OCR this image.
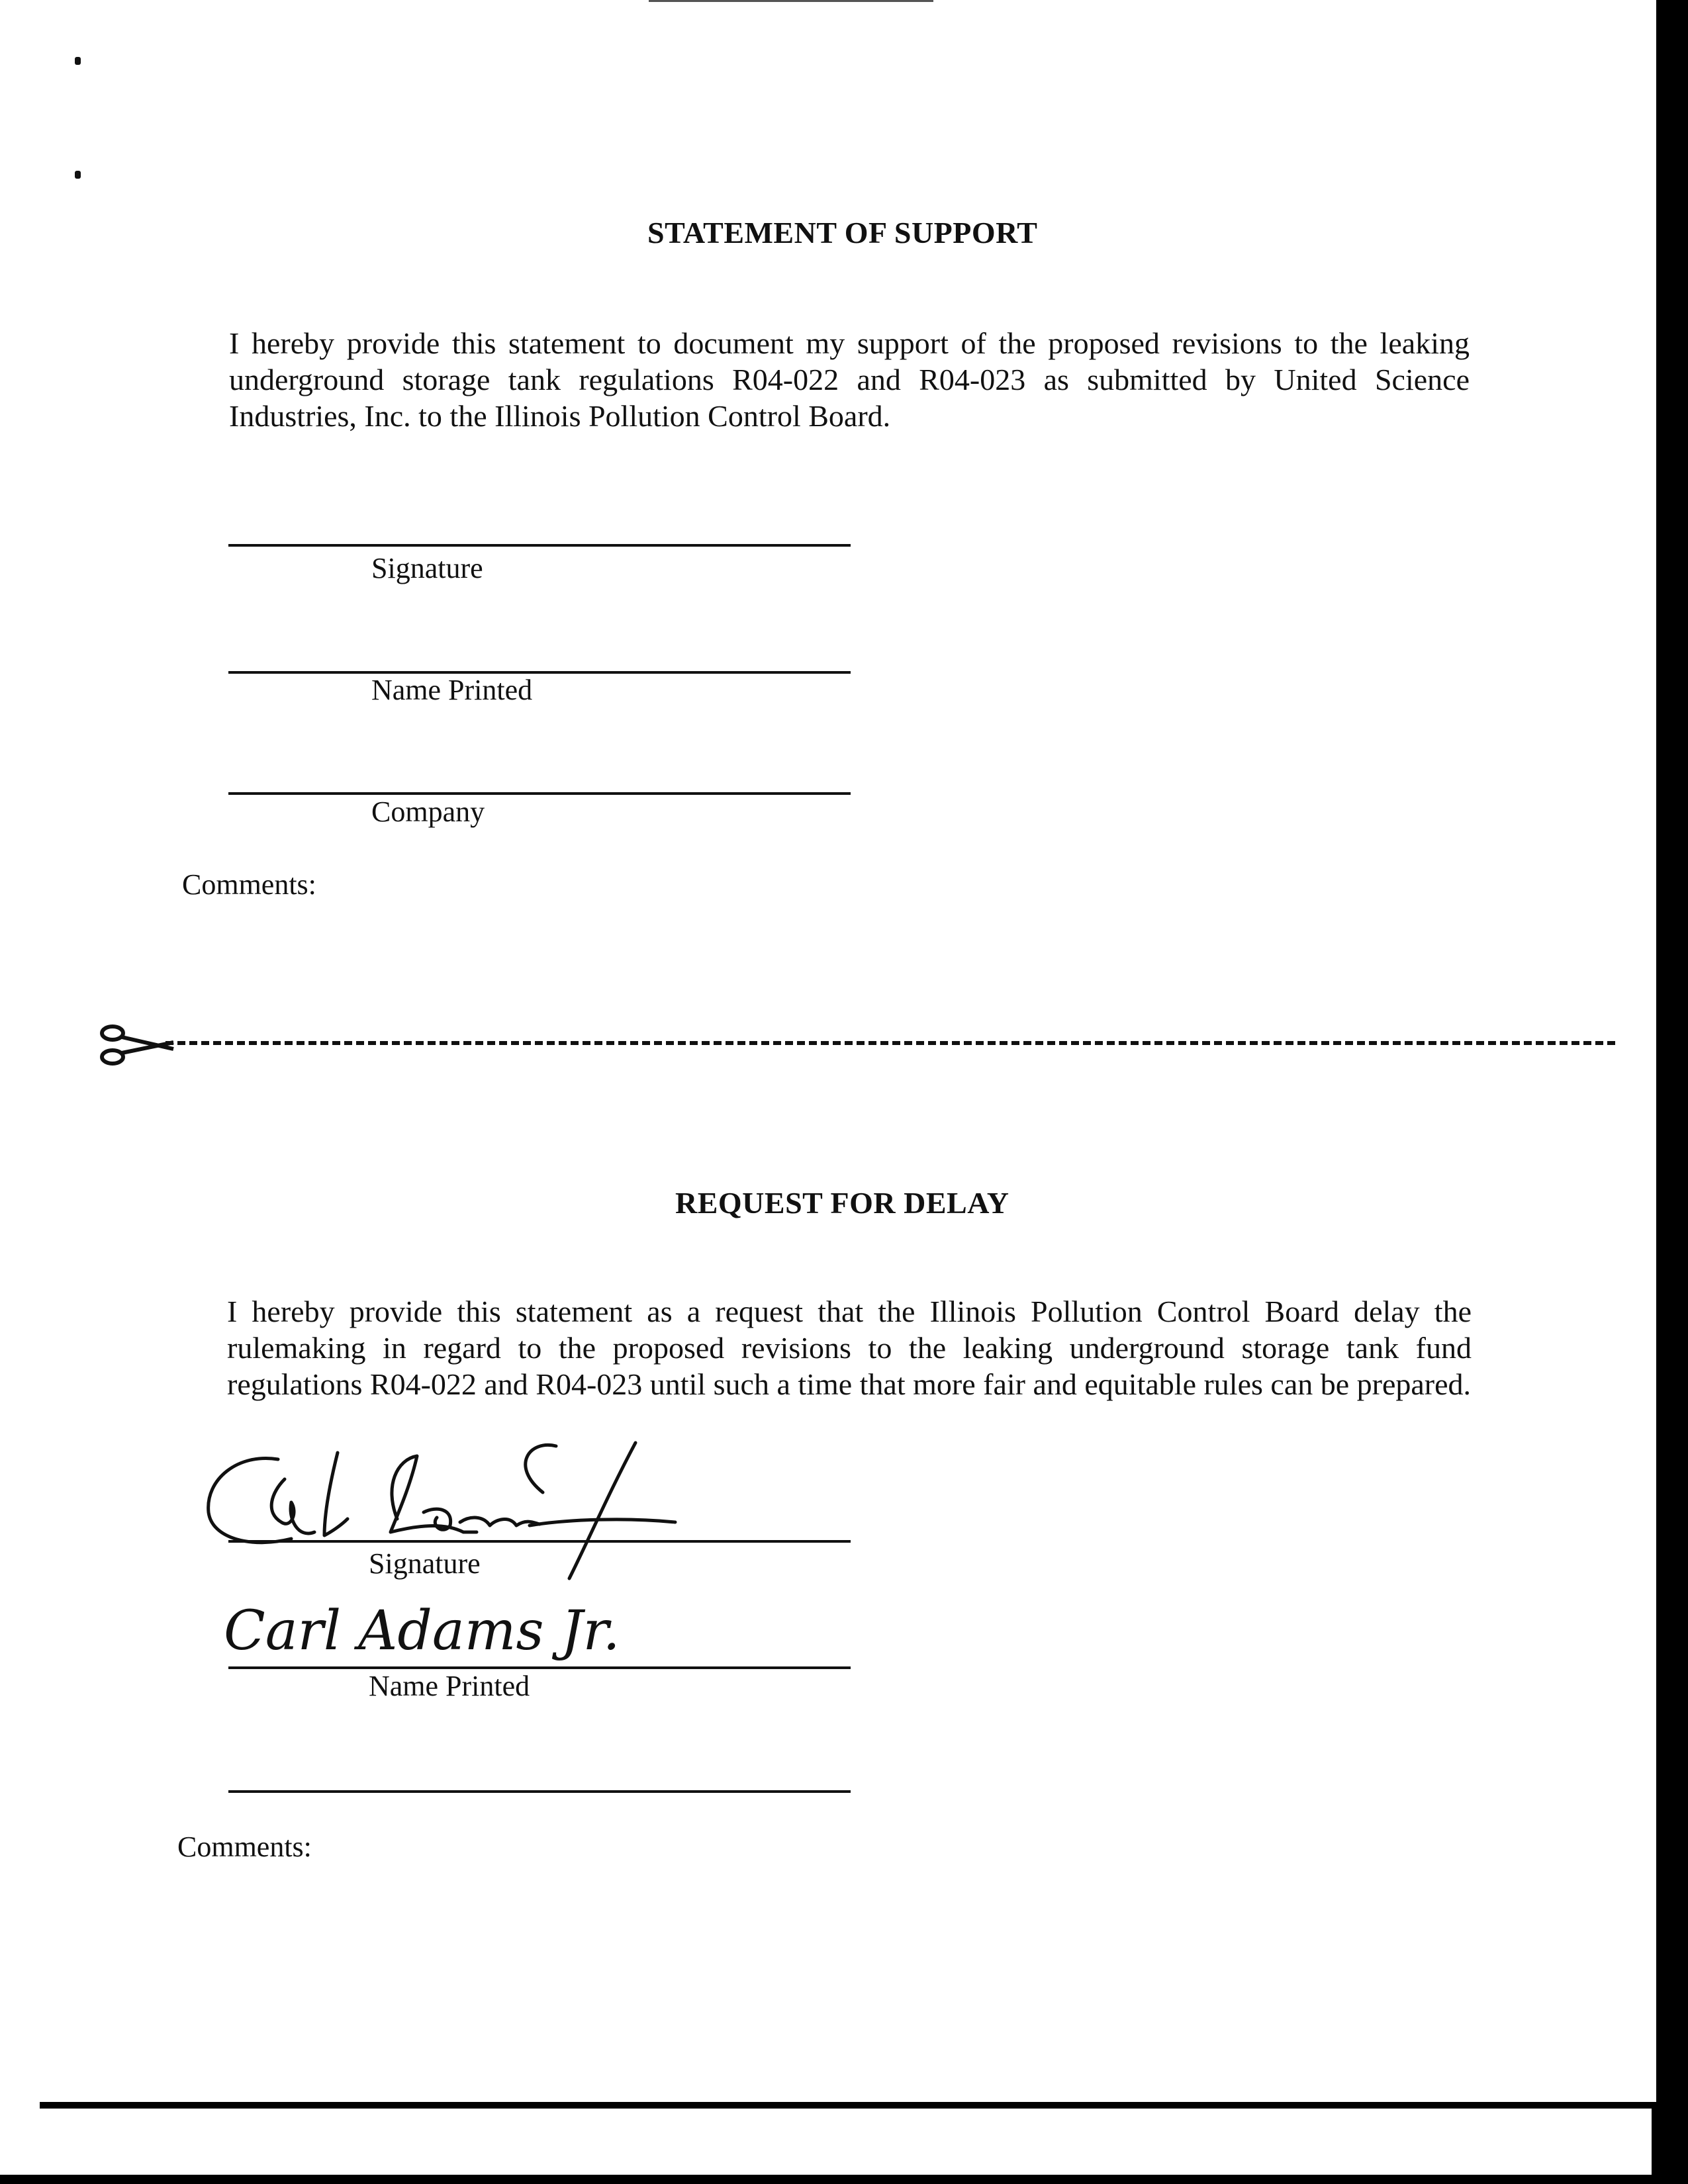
STATEMENT OF SUPPORT
I hereby provide this statement to document my support of the proposed revisions to the leaking underground storage tank regulations R04-022 and R04-023 as submitted by United Science Industries, Inc. to the Illinois Pollution Control Board.
Signature
Name Printed
Company
Comments:
REQUEST FOR DELAY
I hereby provide this statement as a request that the Illinois Pollution Control Board delay the rulemaking in regard to the proposed revisions to the leaking underground storage tank fund regulations R04-022 and R04-023 until such a time that more fair and equitable rules can be prepared.
Signature
Carl Adams Jr.
Name Printed
Comments:
